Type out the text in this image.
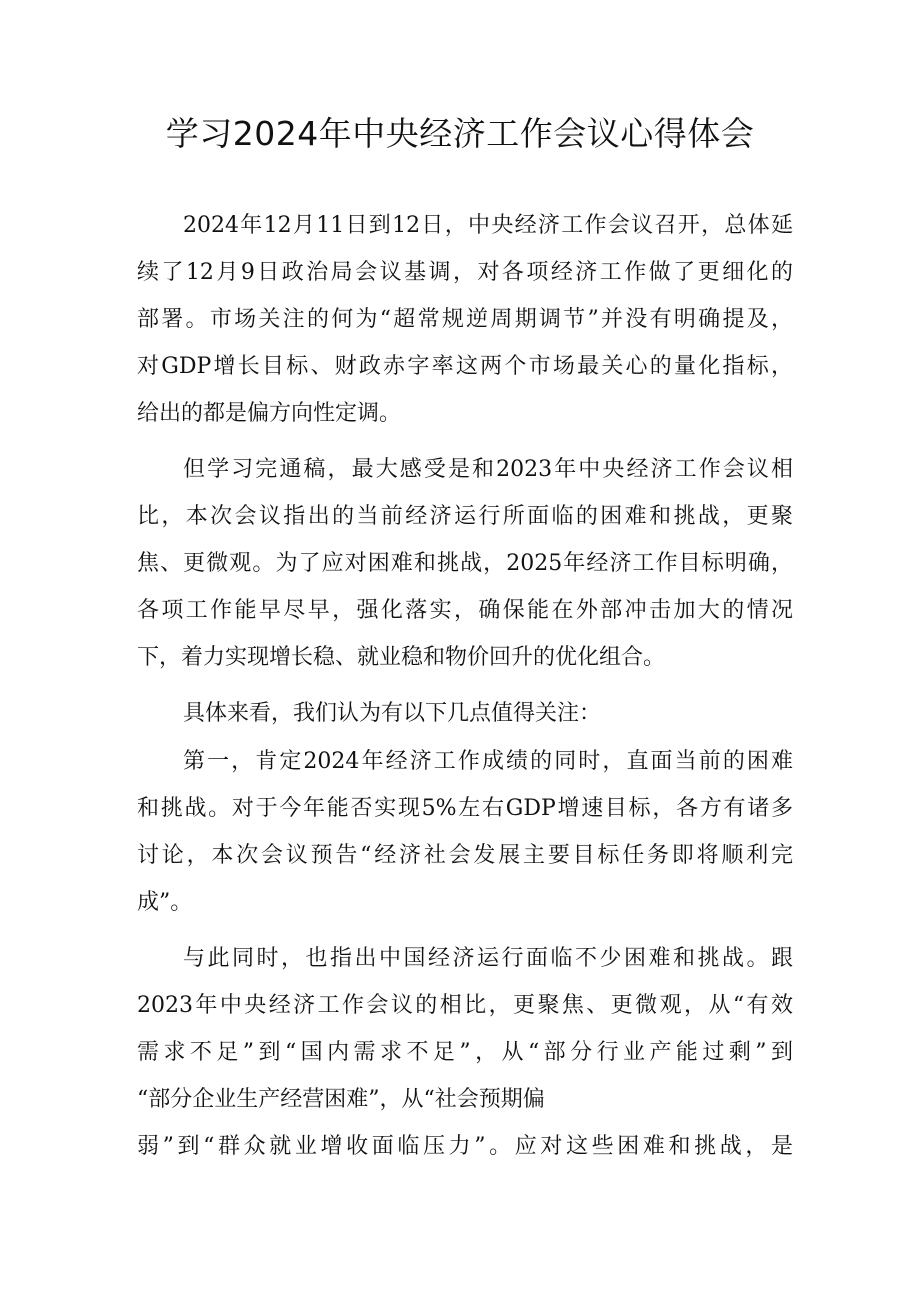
学习2024年中央经济工作会议心得体会
2024年12月11日到12日，中央经济工作会议召开，总体延
续了12月9日政治局会议基调，对各项经济工作做了更细化的
部署。市场关注的何为“超常规逆周期调节”并没有明确提及，
对GDP增长目标、财政赤字率这两个市场最关心的量化指标，
给出的都是偏方向性定调。
但学习完通稿，最大感受是和2023年中央经济工作会议相
比，本次会议指出的当前经济运行所面临的困难和挑战，更聚
焦、更微观。为了应对困难和挑战，2025年经济工作目标明确，
各项工作能早尽早，强化落实，确保能在外部冲击加大的情况
下，着力实现增长稳、就业稳和物价回升的优化组合。
具体来看，我们认为有以下几点值得关注：
第一，肯定2024年经济工作成绩的同时，直面当前的困难
和挑战。对于今年能否实现5%左右GDP增速目标，各方有诸多
讨论，本次会议预告“经济社会发展主要目标任务即将顺利完
成”。
与此同时，也指出中国经济运行面临不少困难和挑战。跟
2023年中央经济工作会议的相比，更聚焦、更微观，从“有效
需求不足”到“国内需求不足”，从“部分行业产能过剩”到
“部分企业生产经营困难”，从“社会预期偏
弱”到“群众就业增收面临压力”。应对这些困难和挑战，是
